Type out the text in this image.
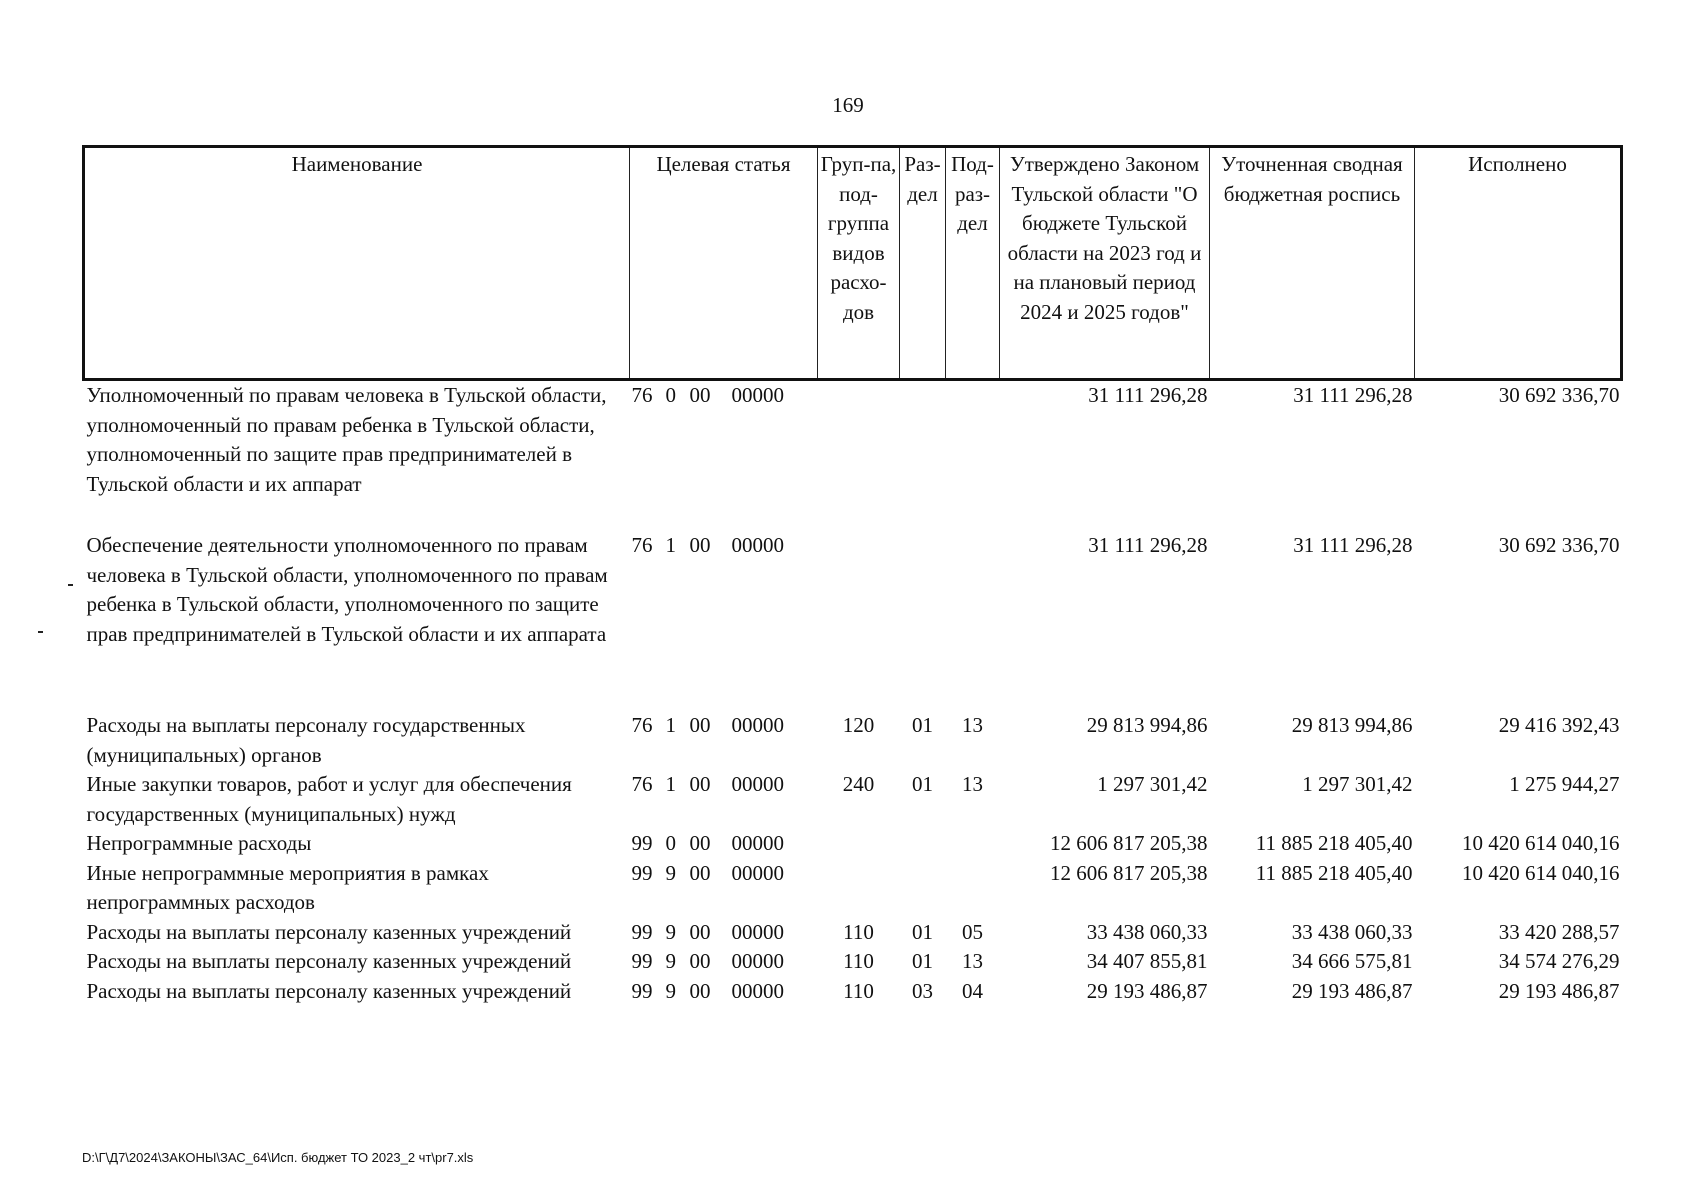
169
Наименование	Целевая статья	Груп-па, под-группа видов расхо-дов	Раз-дел	Под-раз-дел	Утверждено Законом Тульской области "О бюджете Тульской области на 2023 год и на плановый период 2024 и 2025 годов"	Уточненная сводная бюджетная роспись	Исполнено
Уполномоченный по правам человека в Тульской области, уполномоченный по правам ребенка в Тульской области, уполномоченный по защите прав предпринимателей в Тульской области и их аппарат	76 0 00 00000				31 111 296,28	31 111 296,28	30 692 336,70
Обеспечение деятельности уполномоченного по правам человека в Тульской области, уполномоченного по правам ребенка в Тульской области, уполномоченного по защите прав предпринимателей в Тульской области и их аппарата	76 1 00 00000				31 111 296,28	31 111 296,28	30 692 336,70
Расходы на выплаты персоналу государственных (муниципальных) органов	76 1 00 00000	120	01	13	29 813 994,86	29 813 994,86	29 416 392,43
Иные закупки товаров, работ и услуг для обеспечения государственных (муниципальных) нужд	76 1 00 00000	240	01	13	1 297 301,42	1 297 301,42	1 275 944,27
Непрограммные расходы	99 0 00 00000				12 606 817 205,38	11 885 218 405,40	10 420 614 040,16
Иные непрограммные мероприятия в рамках непрограммных расходов	99 9 00 00000				12 606 817 205,38	11 885 218 405,40	10 420 614 040,16
Расходы на выплаты персоналу казенных учреждений	99 9 00 00000	110	01	05	33 438 060,33	33 438 060,33	33 420 288,57
Расходы на выплаты персоналу казенных учреждений	99 9 00 00000	110	01	13	34 407 855,81	34 666 575,81	34 574 276,29
Расходы на выплаты персоналу казенных учреждений	99 9 00 00000	110	03	04	29 193 486,87	29 193 486,87	29 193 486,87
D:\Г\Д7\2024\ЗАКОНЫ\ЗАС_64\Исп. бюджет ТО 2023_2 чт\pr7.xls
